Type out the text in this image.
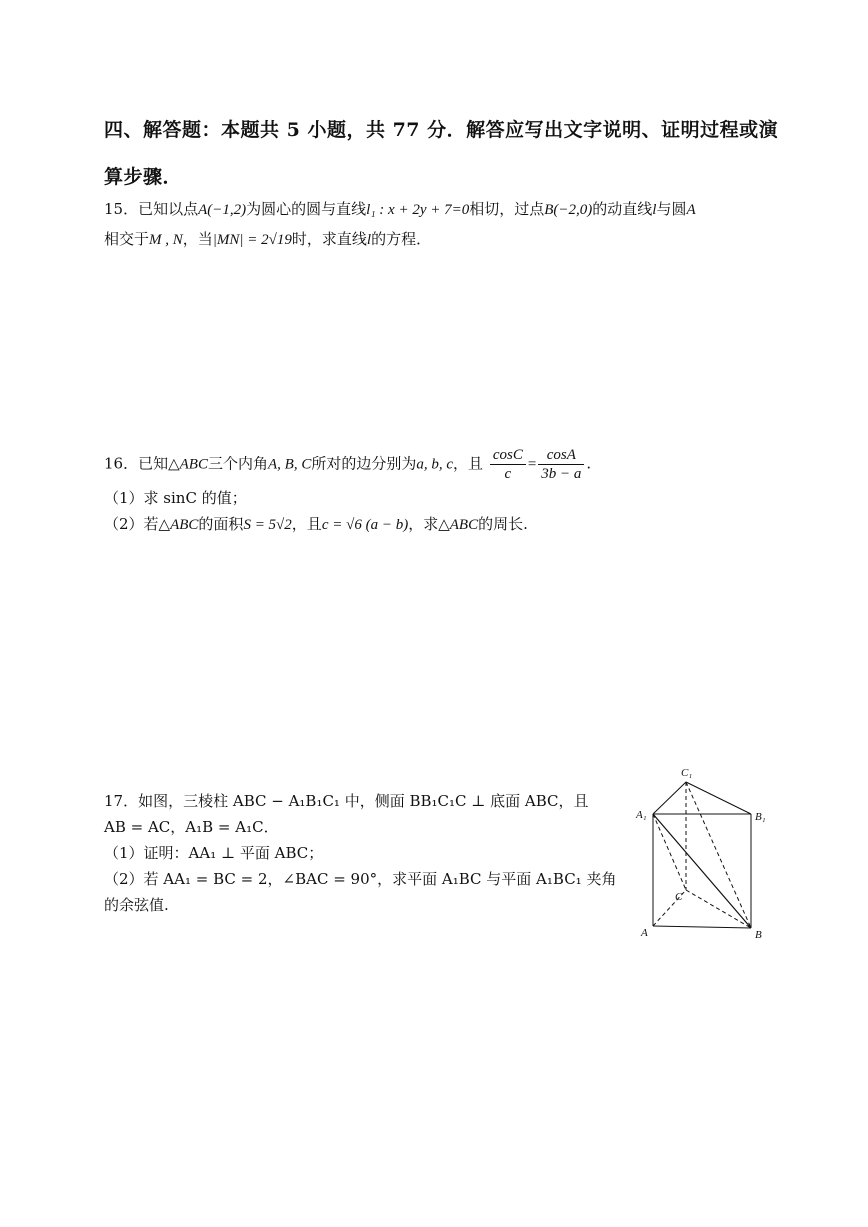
四、解答题：本题共 5 小题，共 77 分．解答应写出文字说明、证明过程或演
算步骤．
15．已知以点A(−1,2)为圆心的圆与直线l₁ : x + 2y + 7=0相切，过点B(−2,0)的动直线l与圆A
相交于M , N，当|MN| = 2√19时，求直线l的方程．
16．已知△ABC三个内角A, B, C所对的边分别为a, b, c，且 $\frac{\cos C}{c} = \frac{\cos A}{3b - a}$ .
（1）求 sinC 的值；
（2）若△ABC的面积S = 5√2，且c = √6 (a − b)，求△ABC的周长.
17．如图，三棱柱 ABC − A₁B₁C₁ 中，侧面 BB₁C₁C ⊥ 底面 ABC，且
AB = AC，A₁B = A₁C．
（1）证明：AA₁ ⊥ 平面 ABC；
（2）若 AA₁ = BC = 2，∠BAC = 90°，求平面 A₁BC 与平面 A₁BC₁ 夹角
的余弦值.
C₁
A₁	B₁
C
A	B
